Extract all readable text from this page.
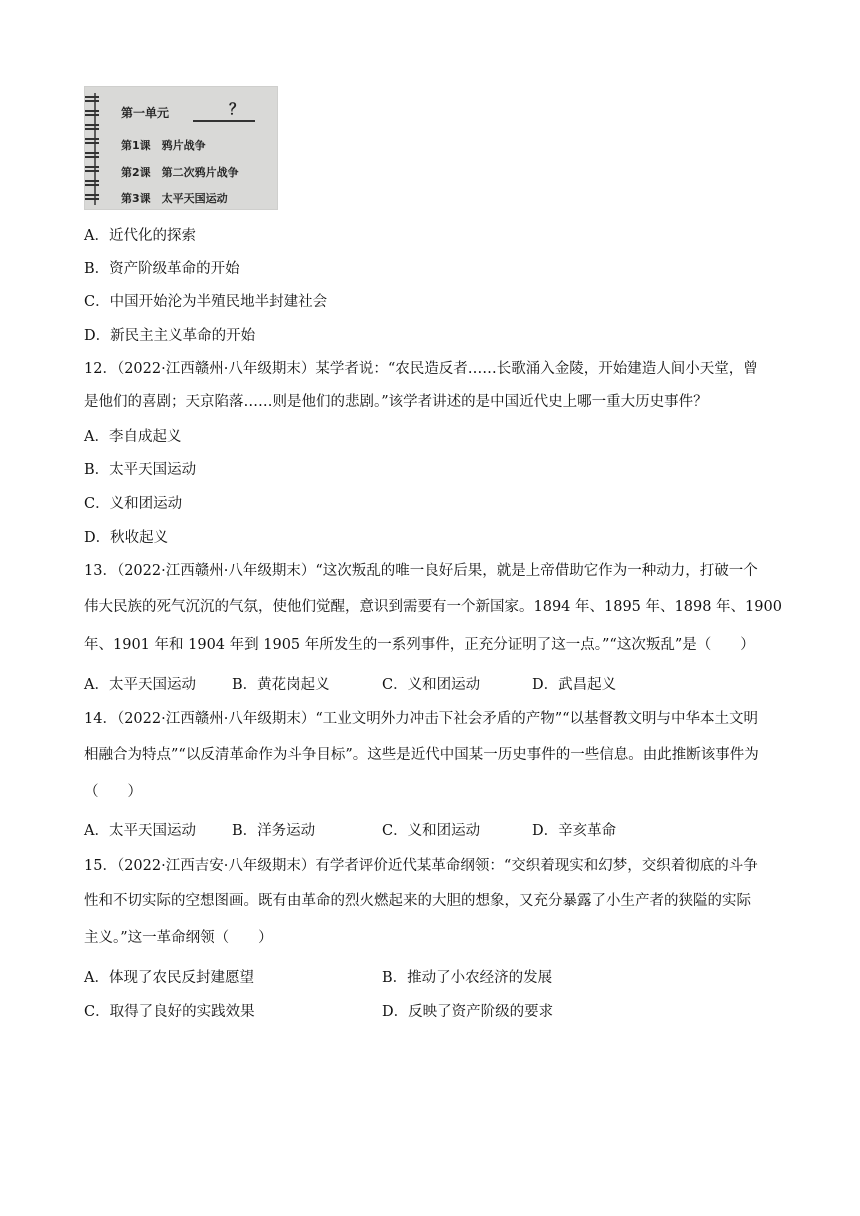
第一单元	？
第1课　鸦片战争
第2课　第二次鸦片战争
第3课　太平天国运动
A．近代化的探索
B．资产阶级革命的开始
C．中国开始沦为半殖民地半封建社会
D．新民主主义革命的开始
12．（2022·江西赣州·八年级期末）某学者说：“农民造反者……长歌涌入金陵，开始建造人间小天堂，曾
是他们的喜剧；天京陷落……则是他们的悲剧。”该学者讲述的是中国近代史上哪一重大历史事件？
A．李自成起义
B．太平天国运动
C．义和团运动
D．秋收起义
13．（2022·江西赣州·八年级期末）“这次叛乱的唯一良好后果，就是上帝借助它作为一种动力，打破一个
伟大民族的死气沉沉的气氛，使他们觉醒，意识到需要有一个新国家。1894 年、1895 年、1898 年、1900
年、1901 年和 1904 年到 1905 年所发生的一系列事件，正充分证明了这一点。”“这次叛乱”是（　　）
A．太平天国运动 B．黄花岗起义	C．义和团运动	D．武昌起义
14．（2022·江西赣州·八年级期末）“工业文明外力冲击下社会矛盾的产物”“以基督教文明与中华本土文明
相融合为特点”“以反清革命作为斗争目标”。这些是近代中国某一历史事件的一些信息。由此推断该事件为
（　　）
A．太平天国运动 B．洋务运动	C．义和团运动	D．辛亥革命
15．（2022·江西吉安·八年级期末）有学者评价近代某革命纲领：“交织着现实和幻梦，交织着彻底的斗争
性和不切实际的空想图画。既有由革命的烈火燃起来的大胆的想象，又充分暴露了小生产者的狭隘的实际
主义。”这一革命纲领（　　）
A．体现了农民反封建愿望	B．推动了小农经济的发展
C．取得了良好的实践效果	D．反映了资产阶级的要求
